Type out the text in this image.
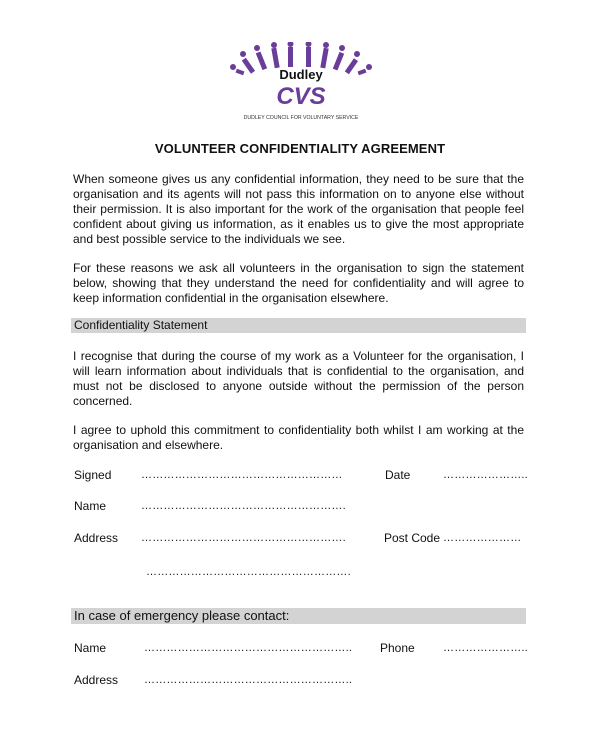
Dudley
CVS
DUDLEY COUNCIL FOR VOLUNTARY SERVICE
VOLUNTEER CONFIDENTIALITY AGREEMENT

When someone gives us any confidential information, they need to be sure that the organisation and its agents will not pass this information on to anyone else without their permission. It is also important for the work of the organisation that people feel confident about giving us information, as it enables us to give the most appropriate and best possible service to the individuals we see.

For these reasons we ask all volunteers in the organisation to sign the statement below, showing that they understand the need for confidentiality and will agree to keep information confidential in the organisation elsewhere.

Confidentiality Statement

I recognise that during the course of my work as a Volunteer for the organisation, I will learn information about individuals that is confidential to the organisation, and must not be disclosed to anyone outside without the permission of the person concerned.

I agree to uphold this commitment to confidentiality both whilst I am working at the organisation and elsewhere.

Signed	………………………………………………	Date	…………………..
Name	……………………………………………….
Address ……………………………………………….	Post Code …………………
……………………………………………….
In case of emergency please contact:
Name	……………………………………………….. Phone	…………………..
Address ………………………………………………..
